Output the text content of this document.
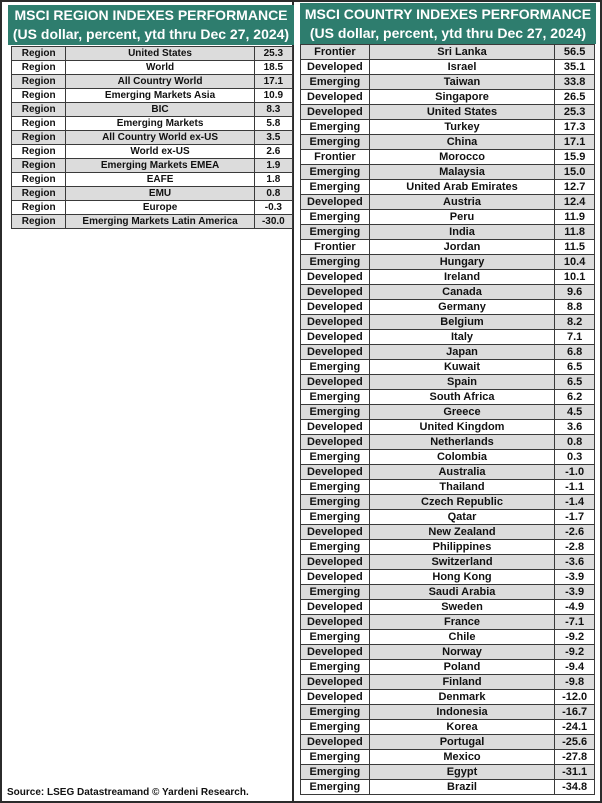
MSCI REGION INDEXES PERFORMANCE
(US dollar, percent, ytd thru Dec 27, 2024)
Region	United States	25.3
Region	World	18.5
Region	All Country World	17.1
Region	Emerging Markets Asia	10.9
Region	BIC	8.3
Region	Emerging Markets	5.8
Region	All Country World ex-US	3.5
Region	World ex-US	2.6
Region	Emerging Markets EMEA	1.9
Region	EAFE	1.8
Region	EMU	0.8
Region	Europe	-0.3
Region	Emerging Markets Latin America	-30.0
Source: LSEG Datastreamand © Yardeni Research.
MSCI COUNTRY INDEXES PERFORMANCE
(US dollar, percent, ytd thru Dec 27, 2024)
Frontier	Sri Lanka	56.5
Developed	Israel	35.1
Emerging	Taiwan	33.8
Developed	Singapore	26.5
Developed	United States	25.3
Emerging	Turkey	17.3
Emerging	China	17.1
Frontier	Morocco	15.9
Emerging	Malaysia	15.0
Emerging	United Arab Emirates	12.7
Developed	Austria	12.4
Emerging	Peru	11.9
Emerging	India	11.8
Frontier	Jordan	11.5
Emerging	Hungary	10.4
Developed	Ireland	10.1
Developed	Canada	9.6
Developed	Germany	8.8
Developed	Belgium	8.2
Developed	Italy	7.1
Developed	Japan	6.8
Emerging	Kuwait	6.5
Developed	Spain	6.5
Emerging	South Africa	6.2
Emerging	Greece	4.5
Developed	United Kingdom	3.6
Developed	Netherlands	0.8
Emerging	Colombia	0.3
Developed	Australia	-1.0
Emerging	Thailand	-1.1
Emerging	Czech Republic	-1.4
Emerging	Qatar	-1.7
Developed	New Zealand	-2.6
Emerging	Philippines	-2.8
Developed	Switzerland	-3.6
Developed	Hong Kong	-3.9
Emerging	Saudi Arabia	-3.9
Developed	Sweden	-4.9
Developed	France	-7.1
Emerging	Chile	-9.2
Developed	Norway	-9.2
Emerging	Poland	-9.4
Developed	Finland	-9.8
Developed	Denmark	-12.0
Emerging	Indonesia	-16.7
Emerging	Korea	-24.1
Developed	Portugal	-25.6
Emerging	Mexico	-27.8
Emerging	Egypt	-31.1
Emerging	Brazil	-34.8
